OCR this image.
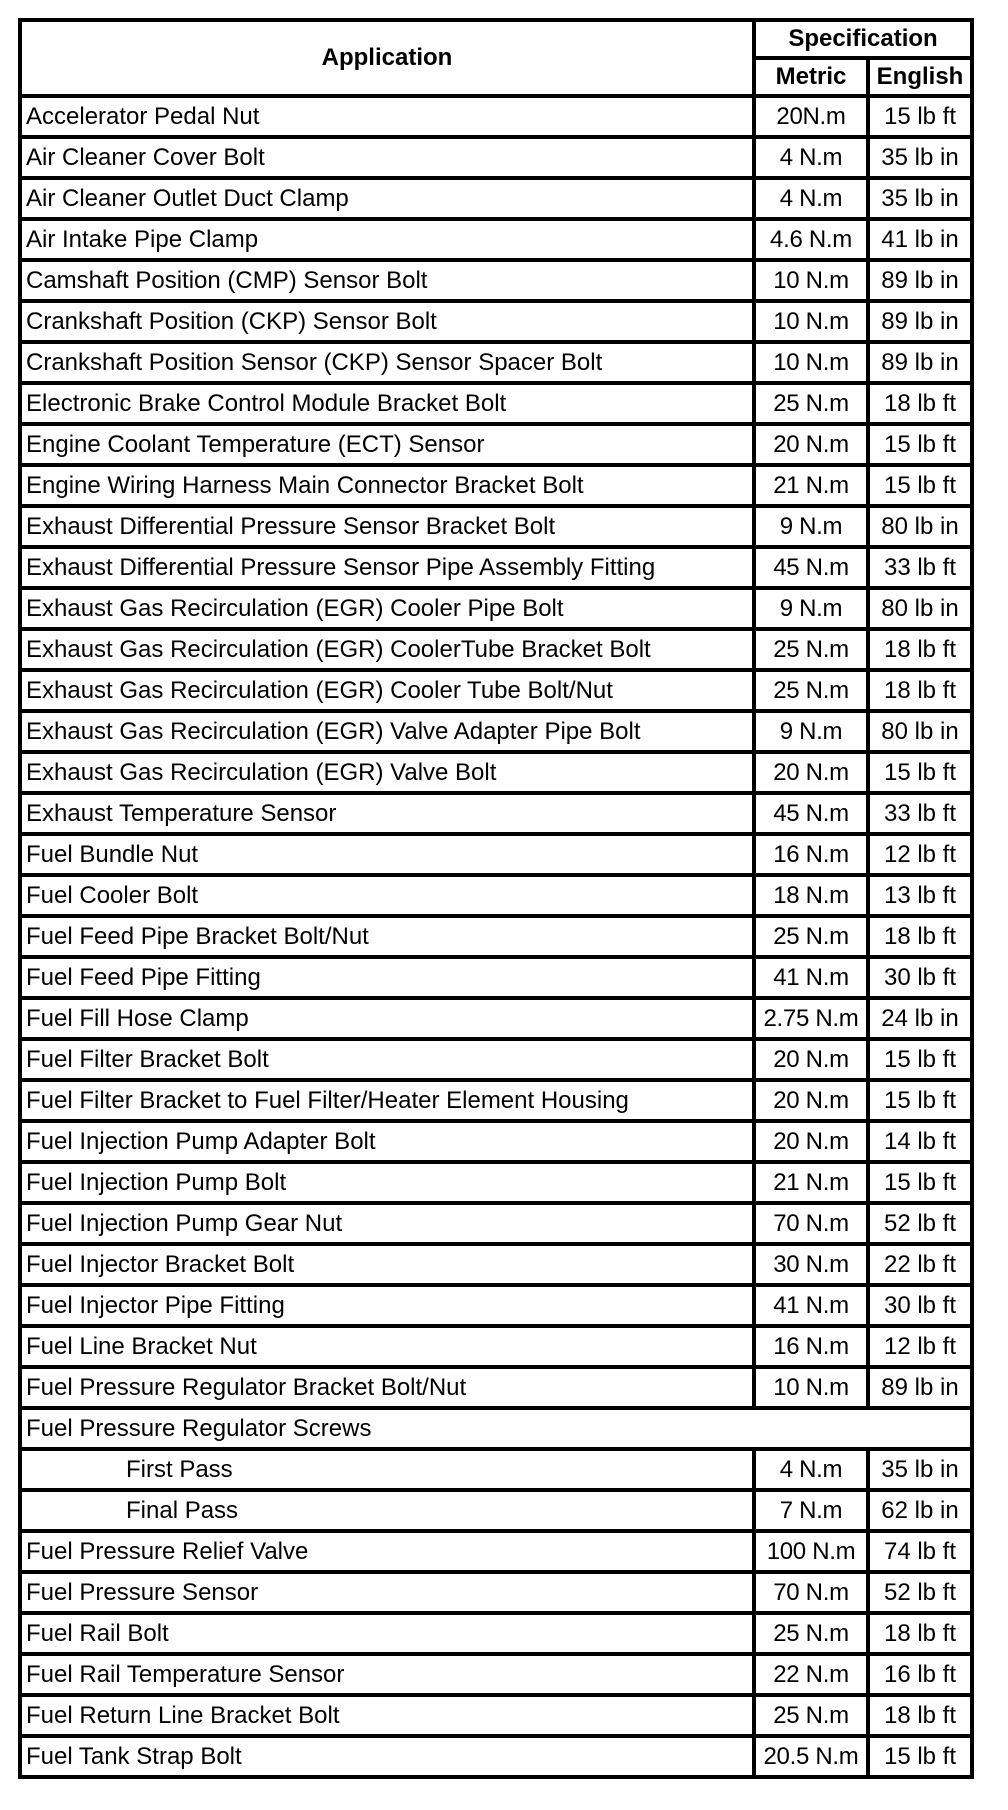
Application	Specification	
	Metric	English
Accelerator Pedal Nut	20N.m	15 lb ft
Air Cleaner Cover Bolt	4 N.m	35 lb in
Air Cleaner Outlet Duct Clamp	4 N.m	35 lb in
Air Intake Pipe Clamp	4.6 N.m	41 lb in
Camshaft Position (CMP) Sensor Bolt	10 N.m	89 lb in
Crankshaft Position (CKP) Sensor Bolt	10 N.m	89 lb in
Crankshaft Position Sensor (CKP) Sensor Spacer Bolt	10 N.m	89 lb in
Electronic Brake Control Module Bracket Bolt	25 N.m	18 lb ft
Engine Coolant Temperature (ECT) Sensor	20 N.m	15 lb ft
Engine Wiring Harness Main Connector Bracket Bolt	21 N.m	15 lb ft
Exhaust Differential Pressure Sensor Bracket Bolt	9 N.m	80 lb in
Exhaust Differential Pressure Sensor Pipe Assembly Fitting	45 N.m	33 lb ft
Exhaust Gas Recirculation (EGR) Cooler Pipe Bolt	9 N.m	80 lb in
Exhaust Gas Recirculation (EGR) CoolerTube Bracket Bolt	25 N.m	18 lb ft
Exhaust Gas Recirculation (EGR) Cooler Tube Bolt/Nut	25 N.m	18 lb ft
Exhaust Gas Recirculation (EGR) Valve Adapter Pipe Bolt	9 N.m	80 lb in
Exhaust Gas Recirculation (EGR) Valve Bolt	20 N.m	15 lb ft
Exhaust Temperature Sensor	45 N.m	33 lb ft
Fuel Bundle Nut	16 N.m	12 lb ft
Fuel Cooler Bolt	18 N.m	13 lb ft
Fuel Feed Pipe Bracket Bolt/Nut	25 N.m	18 lb ft
Fuel Feed Pipe Fitting	41 N.m	30 lb ft
Fuel Fill Hose Clamp	2.75 N.m	24 lb in
Fuel Filter Bracket Bolt	20 N.m	15 lb ft
Fuel Filter Bracket to Fuel Filter/Heater Element Housing	20 N.m	15 lb ft
Fuel Injection Pump Adapter Bolt	20 N.m	14 lb ft
Fuel Injection Pump Bolt	21 N.m	15 lb ft
Fuel Injection Pump Gear Nut	70 N.m	52 lb ft
Fuel Injector Bracket Bolt	30 N.m	22 lb ft
Fuel Injector Pipe Fitting	41 N.m	30 lb ft
Fuel Line Bracket Nut	16 N.m	12 lb ft
Fuel Pressure Regulator Bracket Bolt/Nut	10 N.m	89 lb in
Fuel Pressure Regulator Screws		
First Pass	4 N.m	35 lb in
Final Pass	7 N.m	62 lb in
Fuel Pressure Relief Valve	100 N.m	74 lb ft
Fuel Pressure Sensor	70 N.m	52 lb ft
Fuel Rail Bolt	25 N.m	18 lb ft
Fuel Rail Temperature Sensor	22 N.m	16 lb ft
Fuel Return Line Bracket Bolt	25 N.m	18 lb ft
Fuel Tank Strap Bolt	20.5 N.m	15 lb ft
